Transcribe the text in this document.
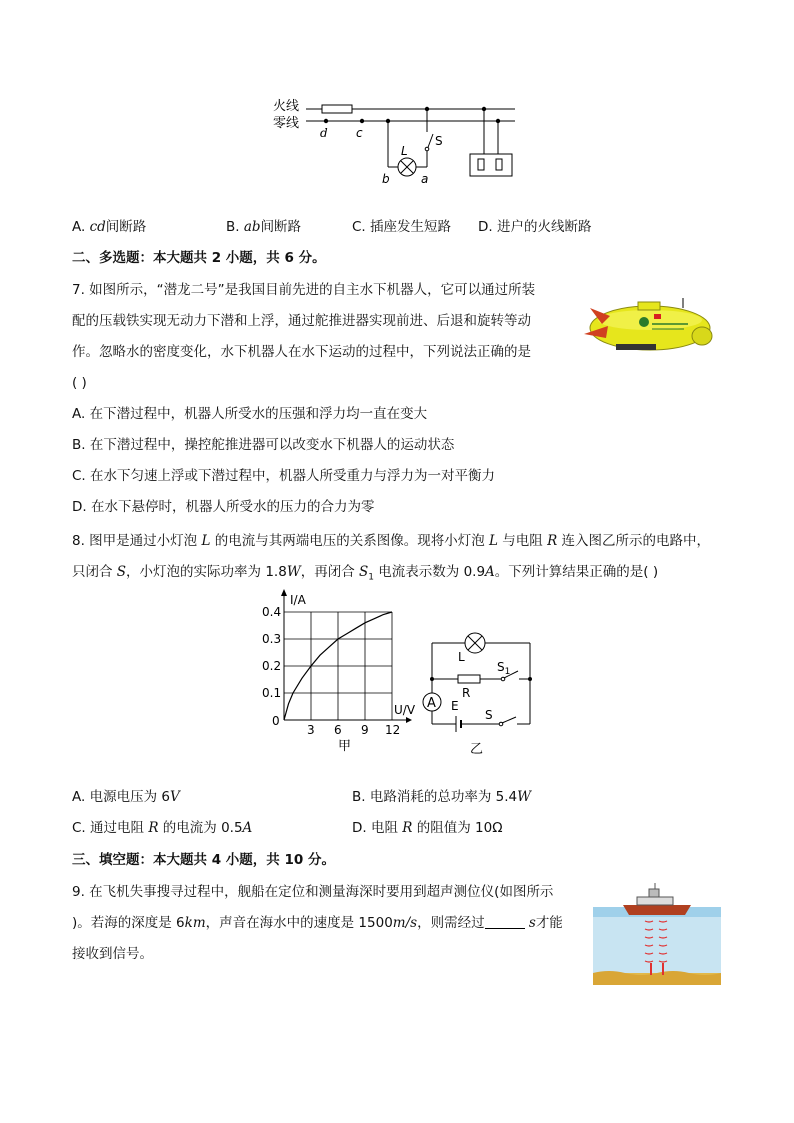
火线
零线
d c
L
S
b	a
A. cd间断路	B. ab间断路	C. 插座发生短路 D. 进户的火线断路
二、多选题：本大题共 2 小题，共 6 分。
7. 如图所示，“潜龙二号”是我国目前先进的自主水下机器人，它可以通过所装
配的压载铁实现无动力下潜和上浮，通过舵推进器实现前进、后退和旋转等动
作。忽略水的密度变化，水下机器人在水下运动的过程中，下列说法正确的是
( )
A. 在下潜过程中，机器人所受水的压强和浮力均一直在变大
B. 在下潜过程中，操控舵推进器可以改变水下机器人的运动状态
C. 在水下匀速上浮或下潜过程中，机器人所受重力与浮力为一对平衡力
D. 在水下悬停时，机器人所受水的压力的合力为零
8. 图甲是通过小灯泡 L 的电流与其两端电压的关系图像。现将小灯泡 L 与电阻 R 连入图乙所示的电路中，
只闭合 S，小灯泡的实际功率为 1.8W，再闭合 $S_1$ 电流表示数为 0.9A。下列计算结果正确的是( )
I/A
U/V
0
3 6 9 12
0.1
0.2
0.3
0.4
甲
L
R
$S_1$
A E
S
乙
A. 电源电压为 6V	B. 电路消耗的总功率为 5.4W
C. 通过电阻 R 的电流为 0.5A	D. 电阻 R 的阻值为 10Ω
三、填空题：本大题共 4 小题，共 10 分。
9. 在飞机失事搜寻过程中，舰船在定位和测量海深时要用到超声测位仪(如图所示
)。若海的深度是 6km，声音在海水中的速度是 1500m/s，则需经过	s才能
接收到信号。
